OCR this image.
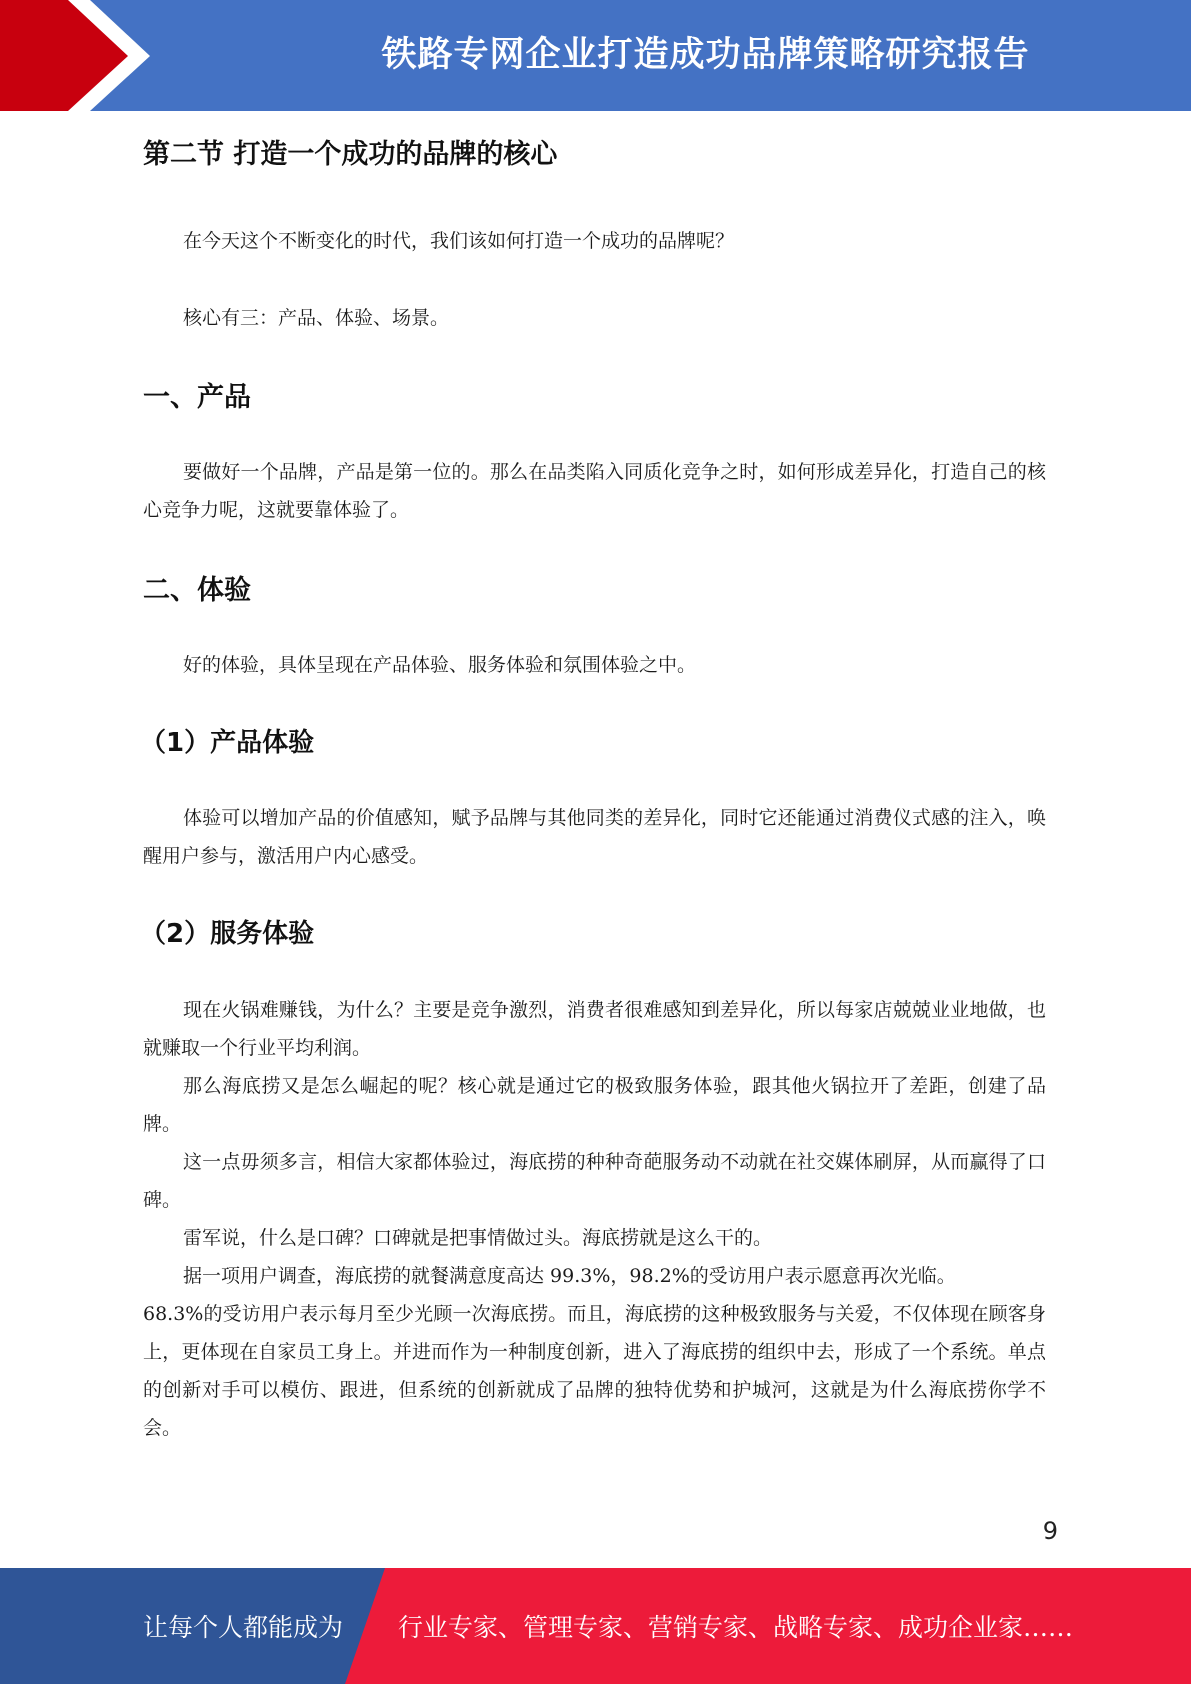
铁路专网企业打造成功品牌策略研究报告
第二节 打造一个成功的品牌的核心

在今天这个不断变化的时代，我们该如何打造一个成功的品牌呢？

核心有三：产品、体验、场景。

一、产品

要做好一个品牌，产品是第一位的。那么在品类陷入同质化竞争之时，如何形成差异化，打造自己的核心竞争力呢，这就要靠体验了。

二、体验

好的体验，具体呈现在产品体验、服务体验和氛围体验之中。

（1）产品体验

体验可以增加产品的价值感知，赋予品牌与其他同类的差异化，同时它还能通过消费仪式感的注入，唤醒用户参与，激活用户内心感受。

（2）服务体验

现在火锅难赚钱，为什么？主要是竞争激烈，消费者很难感知到差异化，所以每家店兢兢业业地做，也就赚取一个行业平均利润。

那么海底捞又是怎么崛起的呢？核心就是通过它的极致服务体验，跟其他火锅拉开了差距，创建了品牌。

这一点毋须多言，相信大家都体验过，海底捞的种种奇葩服务动不动就在社交媒体刷屏，从而赢得了口碑。

雷军说，什么是口碑？口碑就是把事情做过头。海底捞就是这么干的。

据一项用户调查，海底捞的就餐满意度高达 99.3%，98.2%的受访用户表示愿意再次光临。

68.3%的受访用户表示每月至少光顾一次海底捞。而且，海底捞的这种极致服务与关爱，不仅体现在顾客身上，更体现在自家员工身上。并进而作为一种制度创新，进入了海底捞的组织中去，形成了一个系统。单点的创新对手可以模仿、跟进，但系统的创新就成了品牌的独特优势和护城河，这就是为什么海底捞你学不会。

9
让每个人都能成为 行业专家、管理专家、营销专家、战略专家、成功企业家……
